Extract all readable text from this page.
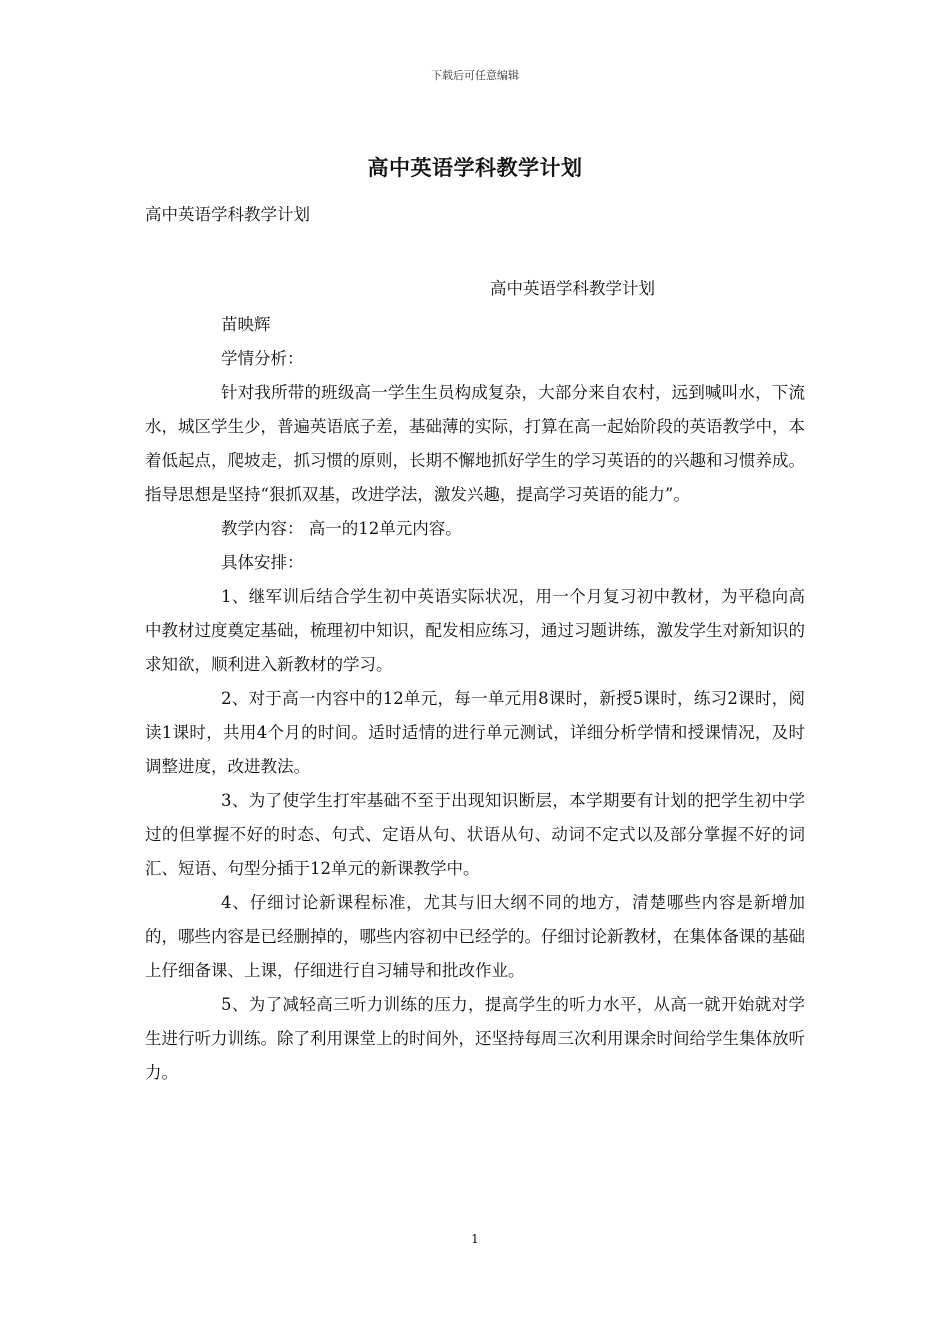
下载后可任意编辑
高中英语学科教学计划
高中英语学科教学计划
高中英语学科教学计划

苗映辉

学情分析：

针对我所带的班级高一学生生员构成复杂，大部分来自农村，远到喊叫水，下流水，城区学生少，普遍英语底子差，基础薄的实际，打算在高一起始阶段的英语教学中，本着低起点，爬坡走，抓习惯的原则，长期不懈地抓好学生的学习英语的的兴趣和习惯养成。指导思想是坚持“狠抓双基，改进学法，激发兴趣，提高学习英语的能力”。

教学内容： 高一的12单元内容。

具体安排：

1、继军训后结合学生初中英语实际状况，用一个月复习初中教材，为平稳向高中教材过度奠定基础，梳理初中知识，配发相应练习，通过习题讲练，激发学生对新知识的求知欲，顺利进入新教材的学习。

2、对于高一内容中的12单元，每一单元用8课时，新授5课时，练习2课时，阅读1课时，共用4个月的时间。适时适情的进行单元测试，详细分析学情和授课情况，及时调整进度，改进教法。

3、为了使学生打牢基础不至于出现知识断层，本学期要有计划的把学生初中学过的但掌握不好的时态、句式、定语从句、状语从句、动词不定式以及部分掌握不好的词汇、短语、句型分插于12单元的新课教学中。

4、仔细讨论新课程标准，尤其与旧大纲不同的地方，清楚哪些内容是新增加的，哪些内容是已经删掉的，哪些内容初中已经学的。仔细讨论新教材，在集体备课的基础上仔细备课、上课，仔细进行自习辅导和批改作业。

5、为了减轻高三听力训练的压力，提高学生的听力水平，从高一就开始就对学生进行听力训练。除了利用课堂上的时间外，还坚持每周三次利用课余时间给学生集体放听力。

1
